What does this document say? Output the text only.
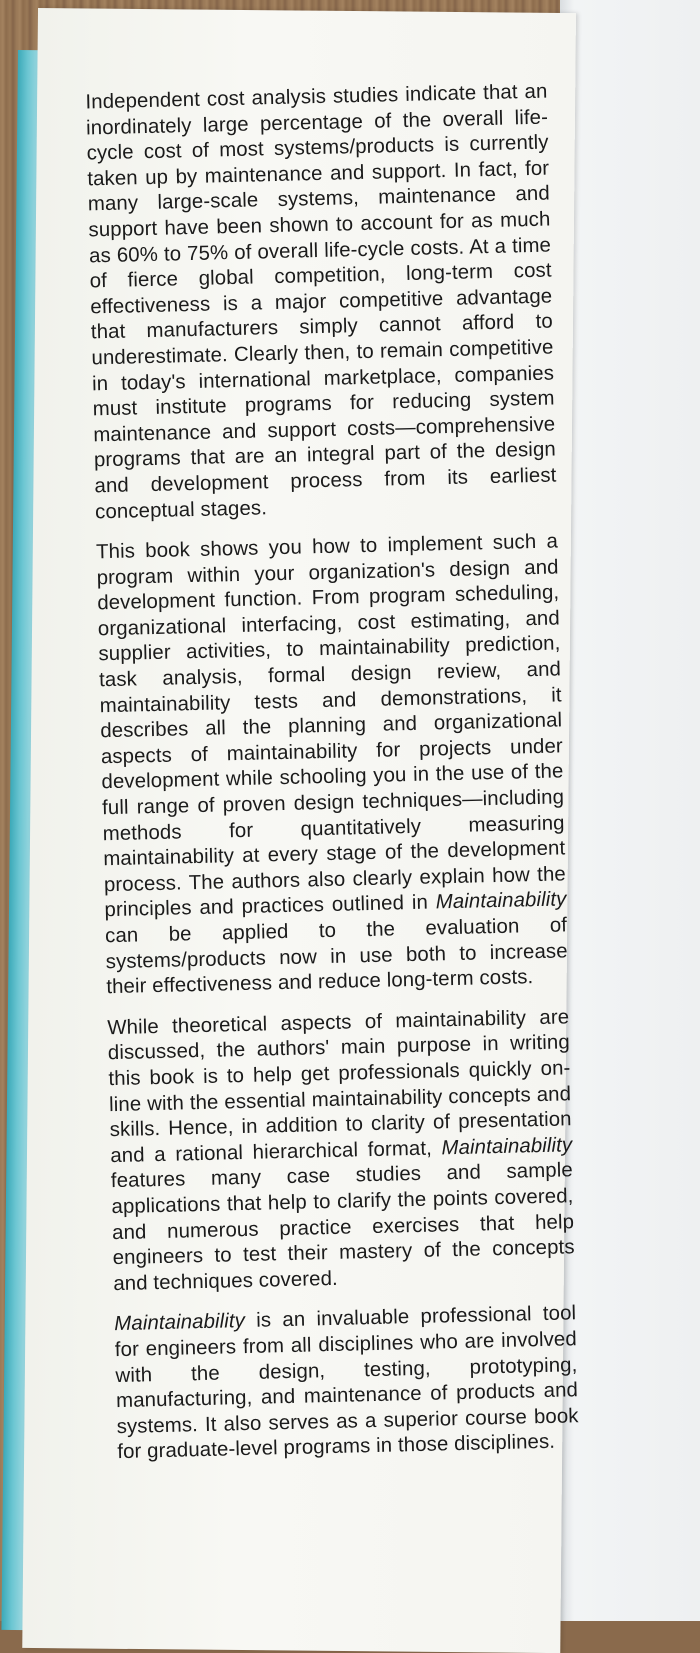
Independent cost analysis studies indicate that an inordinately large percentage of the overall life-cycle cost of most systems/products is currently taken up by maintenance and support. In fact, for many large-scale systems, maintenance and support have been shown to account for as much as 60% to 75% of overall life-cycle costs. At a time of fierce global competition, long-term cost effectiveness is a major competitive advantage that manufacturers simply cannot afford to underestimate. Clearly then, to remain competitive in today's international marketplace, companies must institute programs for reducing system maintenance and support costs—comprehensive programs that are an integral part of the design and development process from its earliest conceptual stages.

This book shows you how to implement such a program within your organization's design and development function. From program scheduling, organizational interfacing, cost estimating, and supplier activities, to maintainability prediction, task analysis, formal design review, and maintainability tests and demonstrations, it describes all the planning and organizational aspects of maintainability for projects under development while schooling you in the use of the full range of proven design techniques—including methods for quantitatively measuring maintainability at every stage of the development process. The authors also clearly explain how the principles and practices outlined in Maintainability can be applied to the evaluation of systems/products now in use both to increase their effectiveness and reduce long-term costs.

While theoretical aspects of maintainability are discussed, the authors' main purpose in writing this book is to help get professionals quickly on-line with the essential maintainability concepts and skills. Hence, in addition to clarity of presentation and a rational hierarchical format, Maintainability features many case studies and sample applications that help to clarify the points covered, and numerous practice exercises that help engineers to test their mastery of the concepts and techniques covered.

Maintainability is an invaluable professional tool for engineers from all disciplines who are involved with the design, testing, prototyping, manufacturing, and maintenance of products and systems. It also serves as a superior course book for graduate-level programs in those disciplines.
